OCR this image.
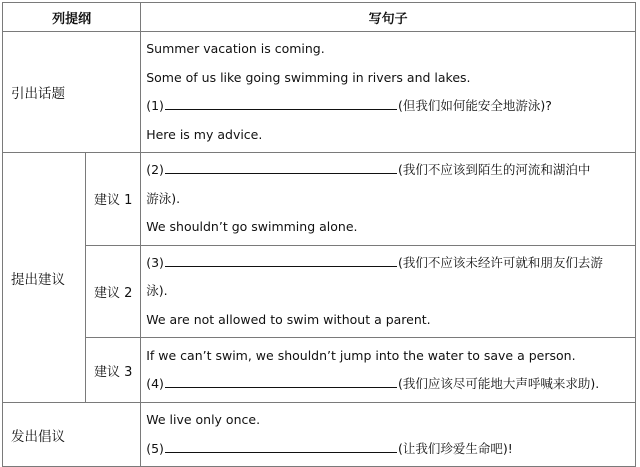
列提纲		写句子
引出话题		Summer vacation is coming.
Some of us like going swimming in rivers and lakes.
(1) (但我们如何能安全地游泳)?
Here is my advice.

提出建议	建议 1	(2) (我们不应该到陌生的河流和湖泊中
游泳).
We shouldn’t go swimming alone.

	建议 2	(3) (我们不应该未经许可就和朋友们去游
泳).
We are not allowed to swim without a parent.

	建议 3	If we can’t swim, we shouldn’t jump into the water to save a person.
(4) (我们应该尽可能地大声呼喊来求助).

发出倡议		We live only once.
(5) (让我们珍爱生命吧)!
